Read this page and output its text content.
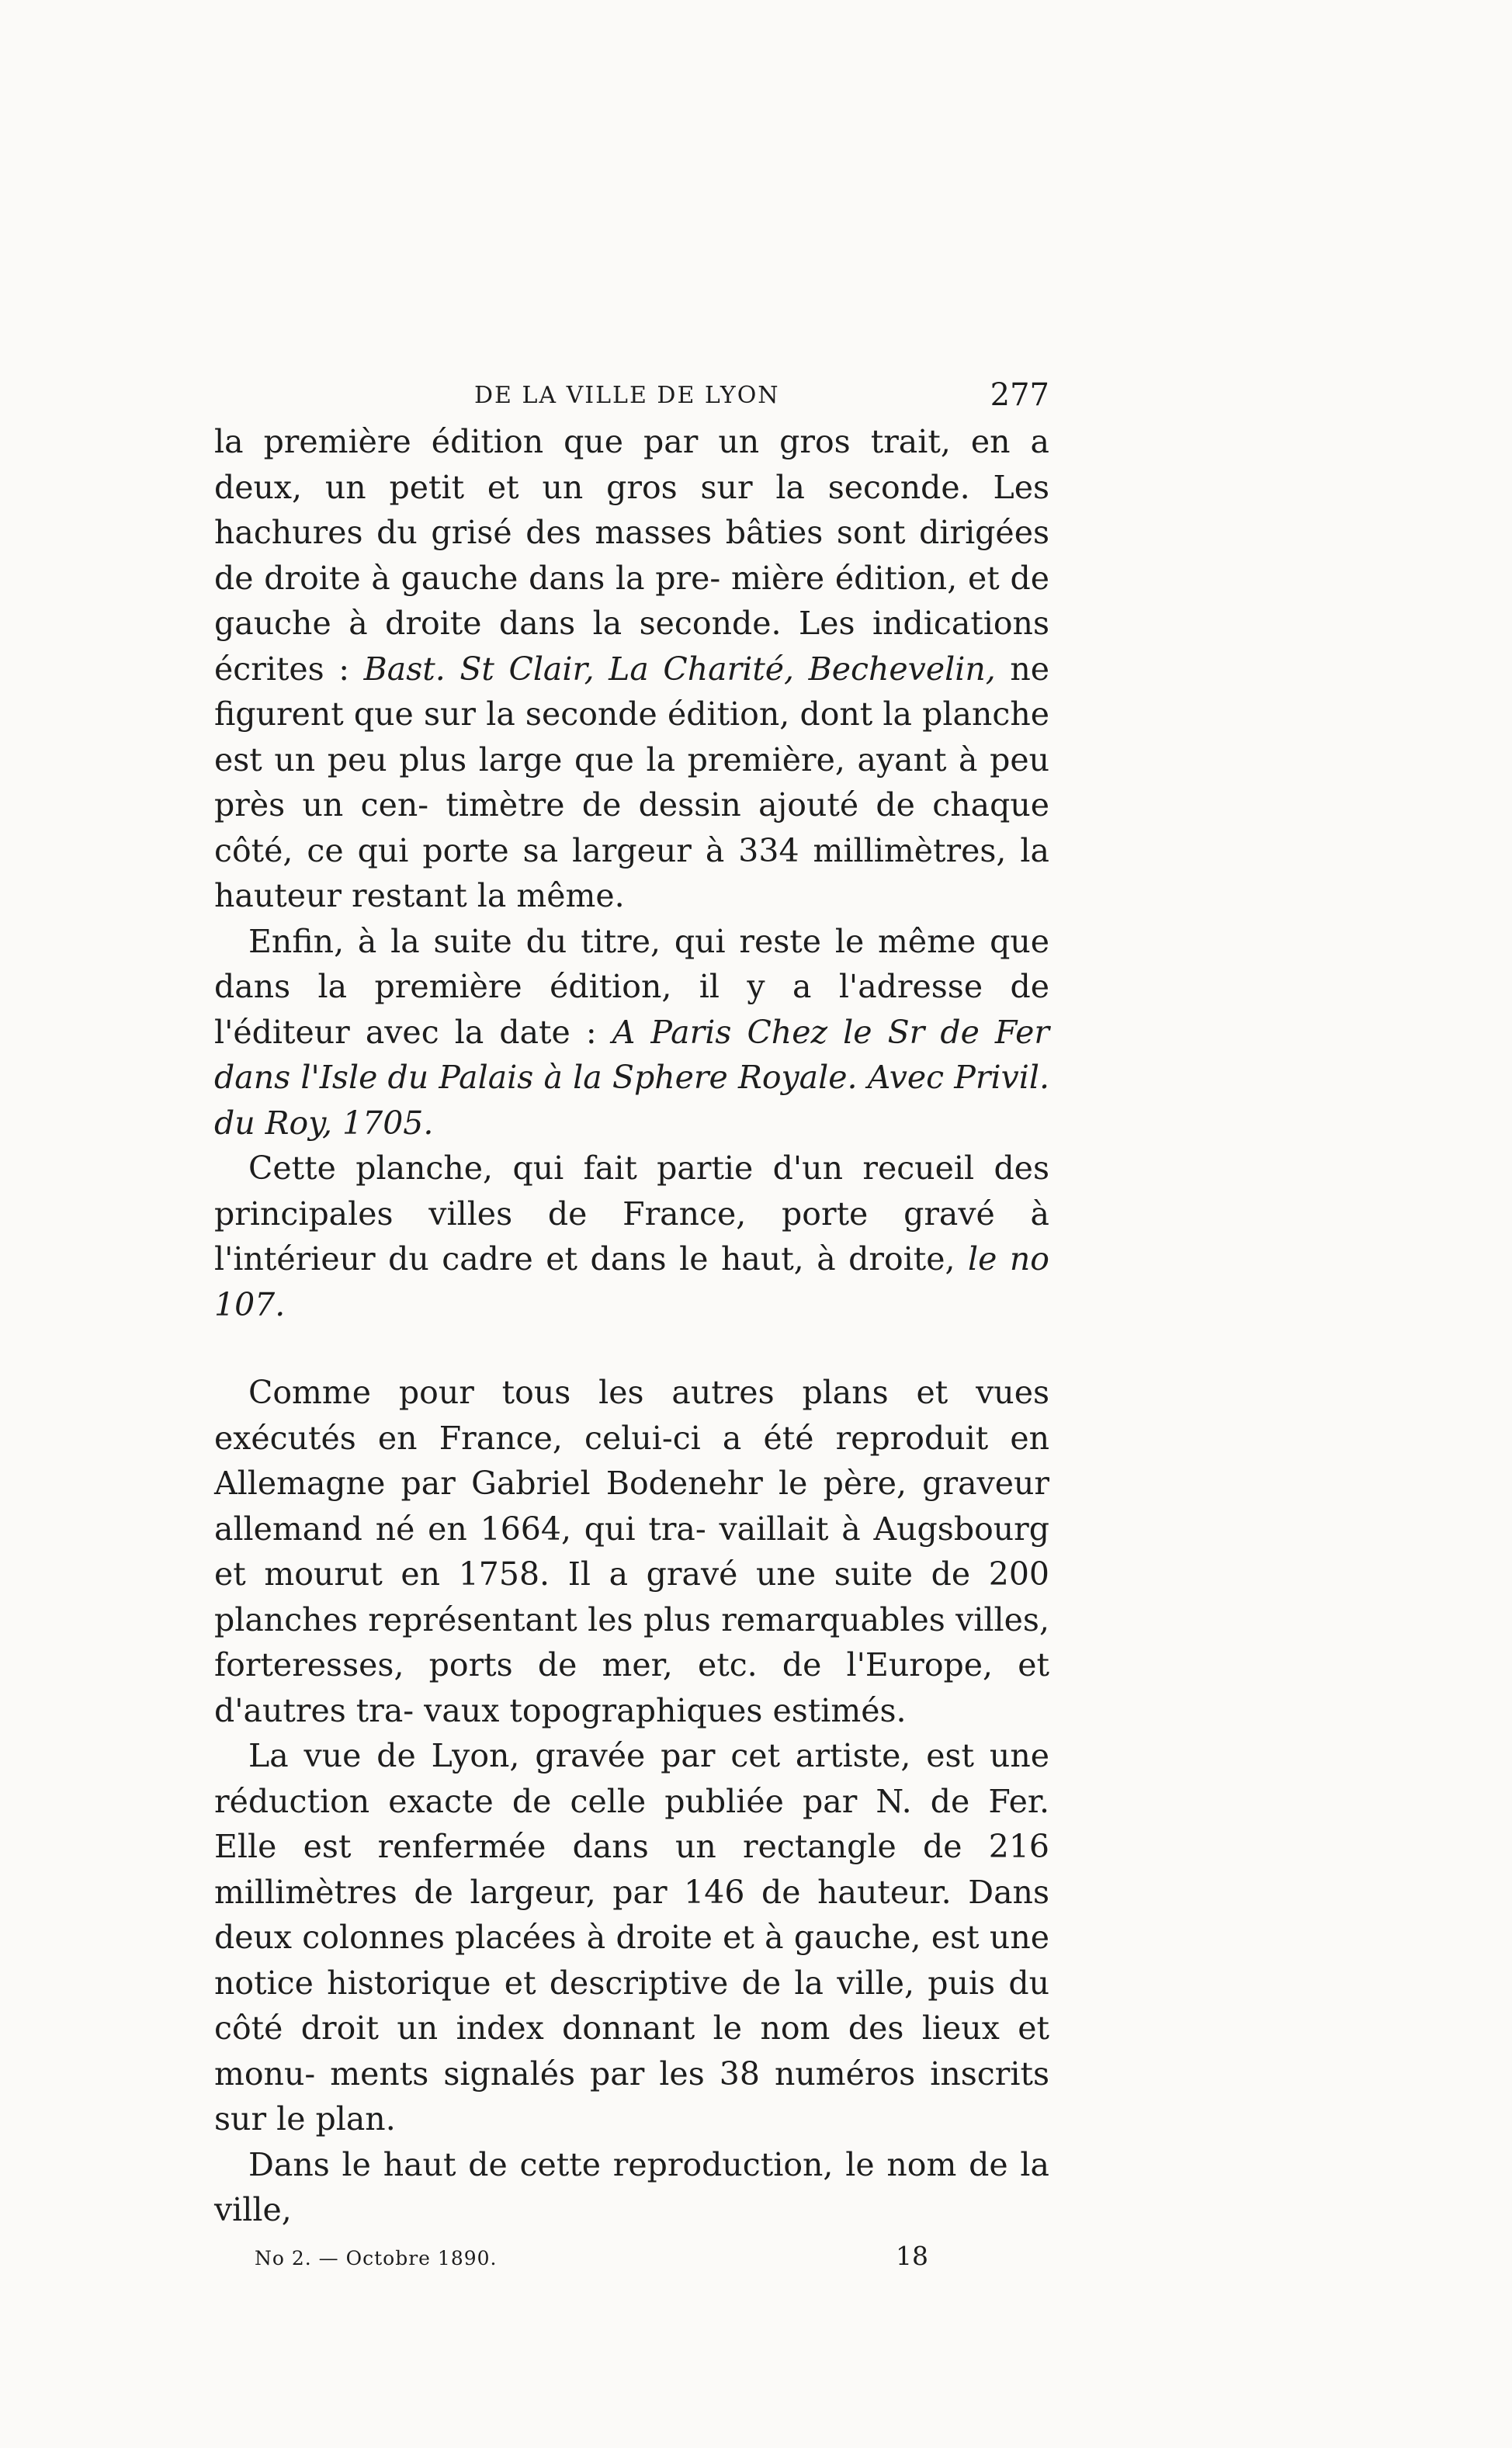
DE LA VILLE DE LYON	277

la première édition que par un gros trait, en a deux, un petit et un gros sur la seconde. Les hachures du grisé des masses bâties sont dirigées de droite à gauche dans la pre- mière édition, et de gauche à droite dans la seconde. Les indications écrites : Bast. St Clair, La Charité, Bechevelin, ne figurent que sur la seconde édition, dont la planche est un peu plus large que la première, ayant à peu près un cen- timètre de dessin ajouté de chaque côté, ce qui porte sa largeur à 334 millimètres, la hauteur restant la même.

Enfin, à la suite du titre, qui reste le même que dans la première édition, il y a l'adresse de l'éditeur avec la date : A Paris Chez le Sr de Fer dans l'Isle du Palais à la Sphere Royale. Avec Privil. du Roy, 1705.

Cette planche, qui fait partie d'un recueil des principales villes de France, porte gravé à l'intérieur du cadre et dans le haut, à droite, le no 107.

Comme pour tous les autres plans et vues exécutés en France, celui-ci a été reproduit en Allemagne par Gabriel Bodenehr le père, graveur allemand né en 1664, qui tra- vaillait à Augsbourg et mourut en 1758. Il a gravé une suite de 200 planches représentant les plus remarquables villes, forteresses, ports de mer, etc. de l'Europe, et d'autres tra- vaux topographiques estimés.

La vue de Lyon, gravée par cet artiste, est une réduction exacte de celle publiée par N. de Fer. Elle est renfermée dans un rectangle de 216 millimètres de largeur, par 146 de hauteur. Dans deux colonnes placées à droite et à gauche, est une notice historique et descriptive de la ville, puis du côté droit un index donnant le nom des lieux et monu- ments signalés par les 38 numéros inscrits sur le plan.

Dans le haut de cette reproduction, le nom de la ville,

No 2. — Octobre 1890.	18
